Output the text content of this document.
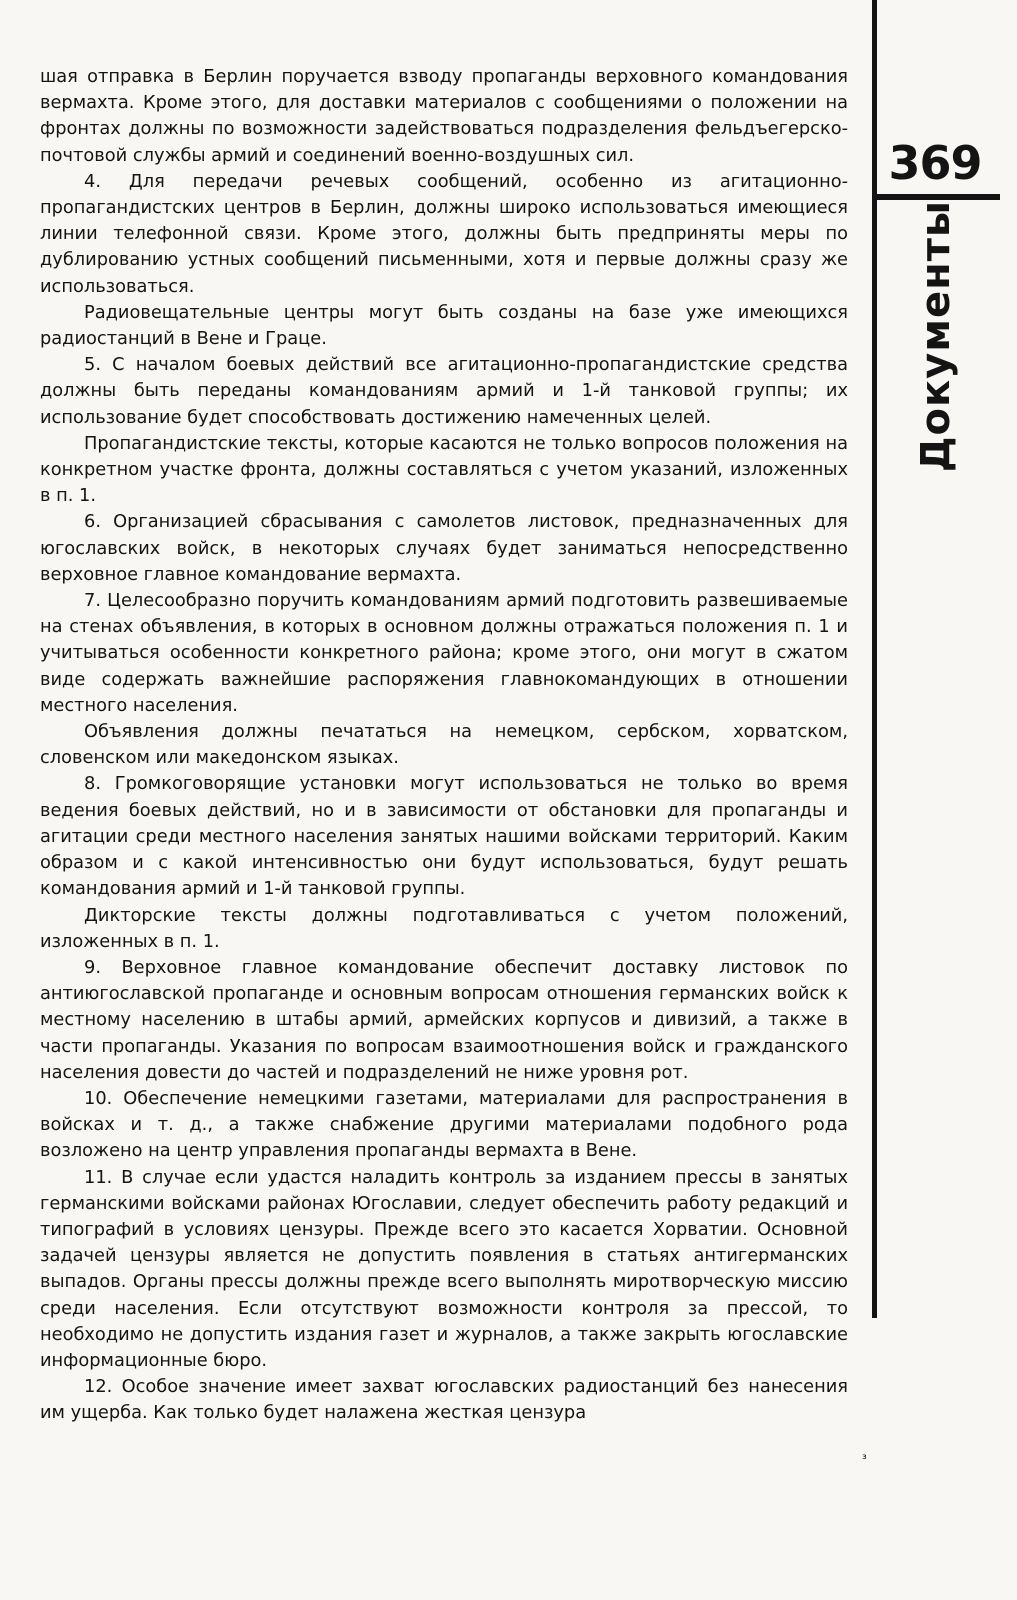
369
Документы
³

шая отправка в Берлин поручается взводу пропаганды верховного командования вермахта. Кроме этого, для доставки материалов с сообщениями о положении на фронтах должны по возможности задействоваться подразделения фельдъегерско-почтовой службы армий и соединений военно-воздушных сил.

4. Для передачи речевых сообщений, особенно из агитационно-пропагандистских центров в Берлин, должны широко использоваться имеющиеся линии телефонной связи. Кроме этого, должны быть предприняты меры по дублированию устных сообщений письменными, хотя и первые должны сразу же использоваться.

Радиовещательные центры могут быть созданы на базе уже имеющихся радиостанций в Вене и Граце.

5. С началом боевых действий все агитационно-пропагандистские средства должны быть переданы командованиям армий и 1-й танковой группы; их использование будет способствовать достижению намеченных целей.

Пропагандистские тексты, которые касаются не только вопросов положения на конкретном участке фронта, должны составляться с учетом указаний, изложенных в п. 1.

6. Организацией сбрасывания с самолетов листовок, предназначенных для югославских войск, в некоторых случаях будет заниматься непосредственно верховное главное командование вермахта.

7. Целесообразно поручить командованиям армий подготовить развешиваемые на стенах объявления, в которых в основном должны отражаться положения п. 1 и учитываться особенности конкретного района; кроме этого, они могут в сжатом виде содержать важнейшие распоряжения главнокомандующих в отношении местного населения.

Объявления должны печататься на немецком, сербском, хорватском, словенском или македонском языках.

8. Громкоговорящие установки могут использоваться не только во время ведения боевых действий, но и в зависимости от обстановки для пропаганды и агитации среди местного населения занятых нашими войсками территорий. Каким образом и с какой интенсивностью они будут использоваться, будут решать командования армий и 1-й танковой группы.

Дикторские тексты должны подготавливаться с учетом положений, изложенных в п. 1.

9. Верховное главное командование обеспечит доставку листовок по антиюгославской пропаганде и основным вопросам отношения германских войск к местному населению в штабы армий, армейских корпусов и дивизий, а также в части пропаганды. Указания по вопросам взаимоотношения войск и гражданского населения довести до частей и подразделений не ниже уровня рот.

10. Обеспечение немецкими газетами, материалами для распространения в войсках и т. д., а также снабжение другими материалами подобного рода возложено на центр управления пропаганды вермахта в Вене.

11. В случае если удастся наладить контроль за изданием прессы в занятых германскими войсками районах Югославии, следует обеспечить работу редакций и типографий в условиях цензуры. Прежде всего это касается Хорватии. Основной задачей цензуры является не допустить появления в статьях антигерманских выпадов. Органы прессы должны прежде всего выполнять миротворческую миссию среди населения. Если отсутствуют возможности контроля за прессой, то необходимо не допустить издания газет и журналов, а также закрыть югославские информационные бюро.

12. Особое значение имеет захват югославских радиостанций без нанесения им ущерба. Как только будет налажена жесткая цензура
